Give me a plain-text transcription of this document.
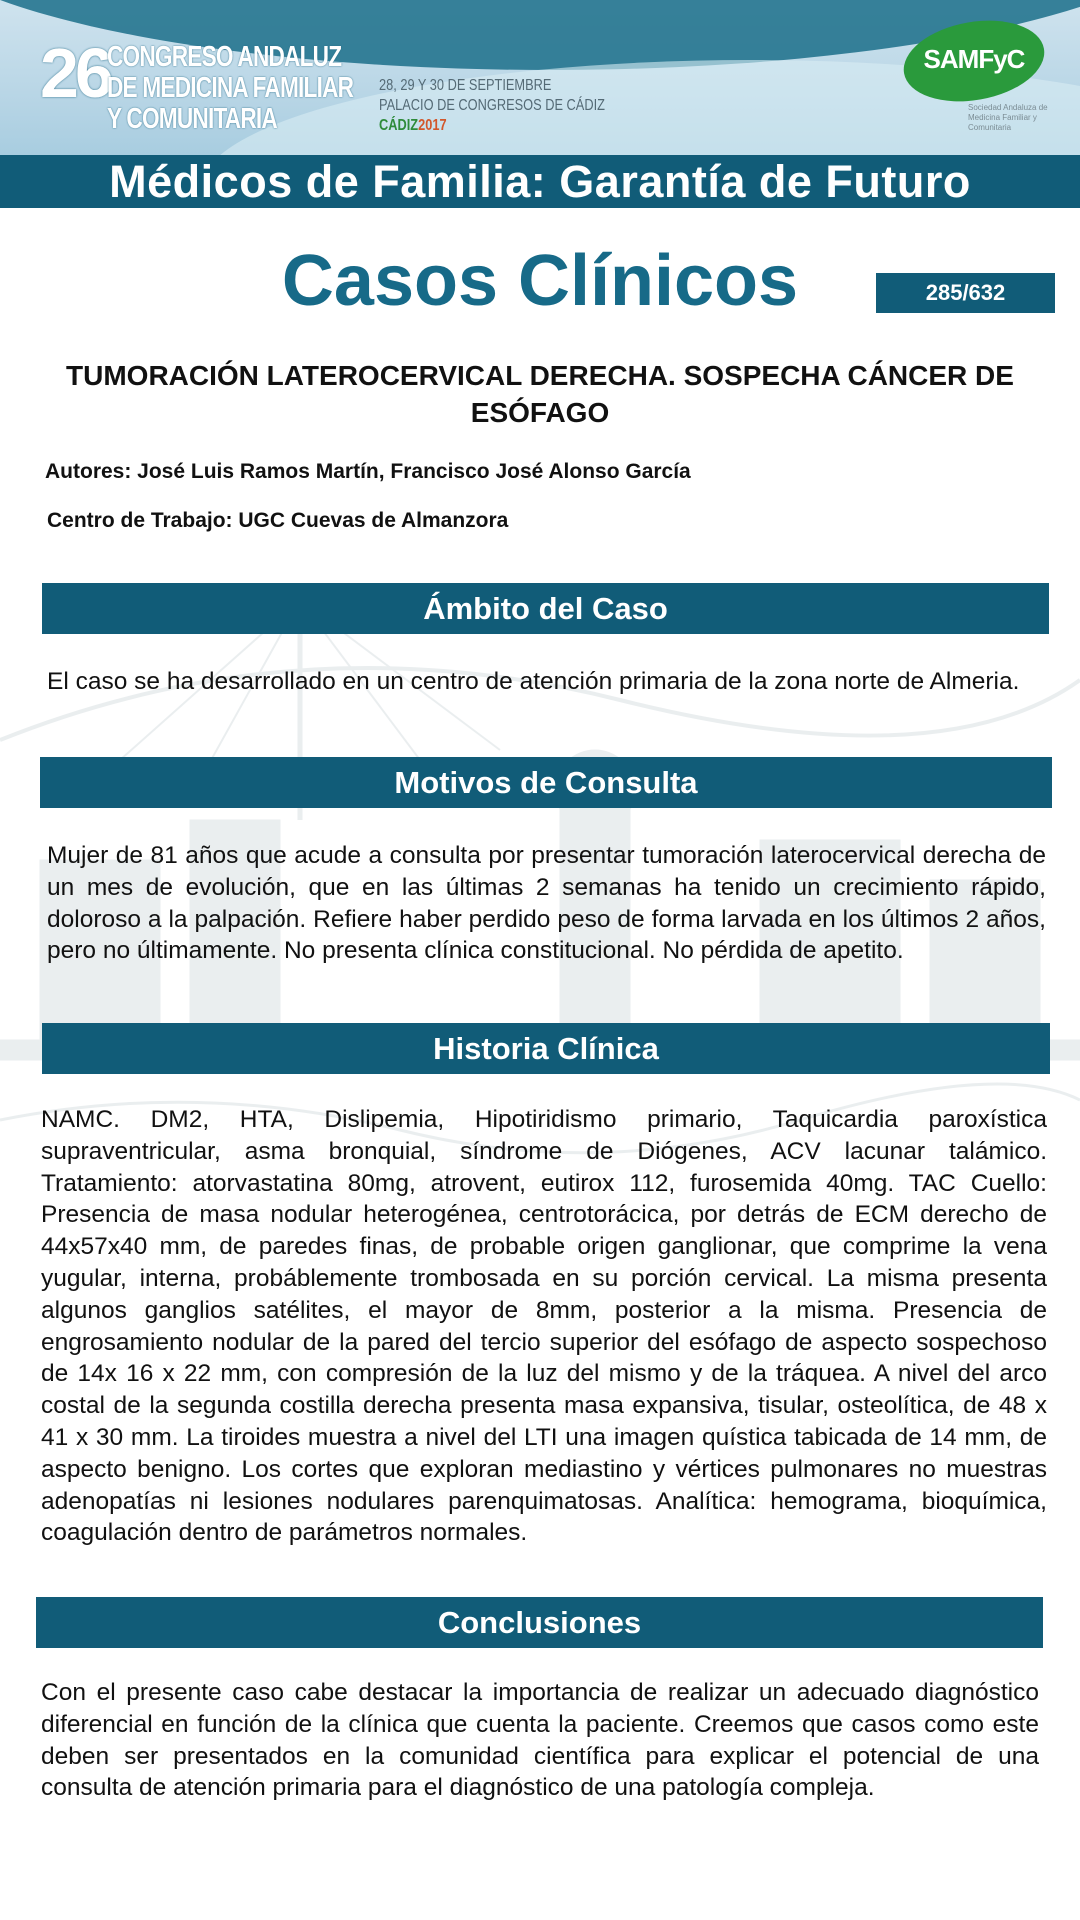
26
CONGRESO ANDALUZ
DE MEDICINA FAMILIAR
Y COMUNITARIA
28, 29 Y 30 DE SEPTIEMBRE
PALACIO DE CONGRESOS DE CÁDIZ
CÁDIZ2017
SAMFyC
Sociedad Andaluza de Medicina Familiar y Comunitaria
Médicos de Familia: Garantía de Futuro
Casos Clínicos	285/632
TUMORACIÓN LATEROCERVICAL DERECHA. SOSPECHA CÁNCER DE ESÓFAGO
Autores: José Luis Ramos Martín, Francisco José Alonso García
Centro de Trabajo: UGC Cuevas de Almanzora
Ámbito del Caso
El caso se ha desarrollado en un centro de atención primaria de la zona norte de Almeria.
Motivos de Consulta
Mujer de 81 años que acude a consulta por presentar tumoración laterocervical derecha de un mes de evolución, que en las últimas 2 semanas ha tenido un crecimiento rápido, doloroso a la palpación. Refiere haber perdido peso de forma larvada en los últimos 2 años, pero no últimamente. No presenta clínica constitucional. No pérdida de apetito.
Historia Clínica
NAMC. DM2, HTA, Dislipemia, Hipotiridismo primario, Taquicardia paroxística supraventricular, asma bronquial, síndrome de Diógenes, ACV lacunar talámico. Tratamiento: atorvastatina 80mg, atrovent, eutirox 112, furosemida 40mg. TAC Cuello: Presencia de masa nodular heterogénea, centrotorácica, por detrás de ECM derecho de 44x57x40 mm, de paredes finas, de probable origen ganglionar, que comprime la vena yugular, interna, probáblemente trombosada en su porción cervical. La misma presenta algunos ganglios satélites, el mayor de 8mm, posterior a la misma. Presencia de engrosamiento nodular de la pared del tercio superior del esófago de aspecto sospechoso de 14x 16 x 22 mm, con compresión de la luz del mismo y de la tráquea. A nivel del arco costal de la segunda costilla derecha presenta masa expansiva, tisular, osteolítica, de 48 x 41 x 30 mm. La tiroides muestra a nivel del LTI una imagen quística tabicada de 14 mm, de aspecto benigno. Los cortes que exploran mediastino y vértices pulmonares no muestras adenopatías ni lesiones nodulares parenquimatosas. Analítica: hemograma, bioquímica, coagulación dentro de parámetros normales.
Conclusiones
Con el presente caso cabe destacar la importancia de realizar un adecuado diagnóstico diferencial en función de la clínica que cuenta la paciente. Creemos que casos como este deben ser presentados en la comunidad científica para explicar el potencial de una consulta de atención primaria para el diagnóstico de una patología compleja.
